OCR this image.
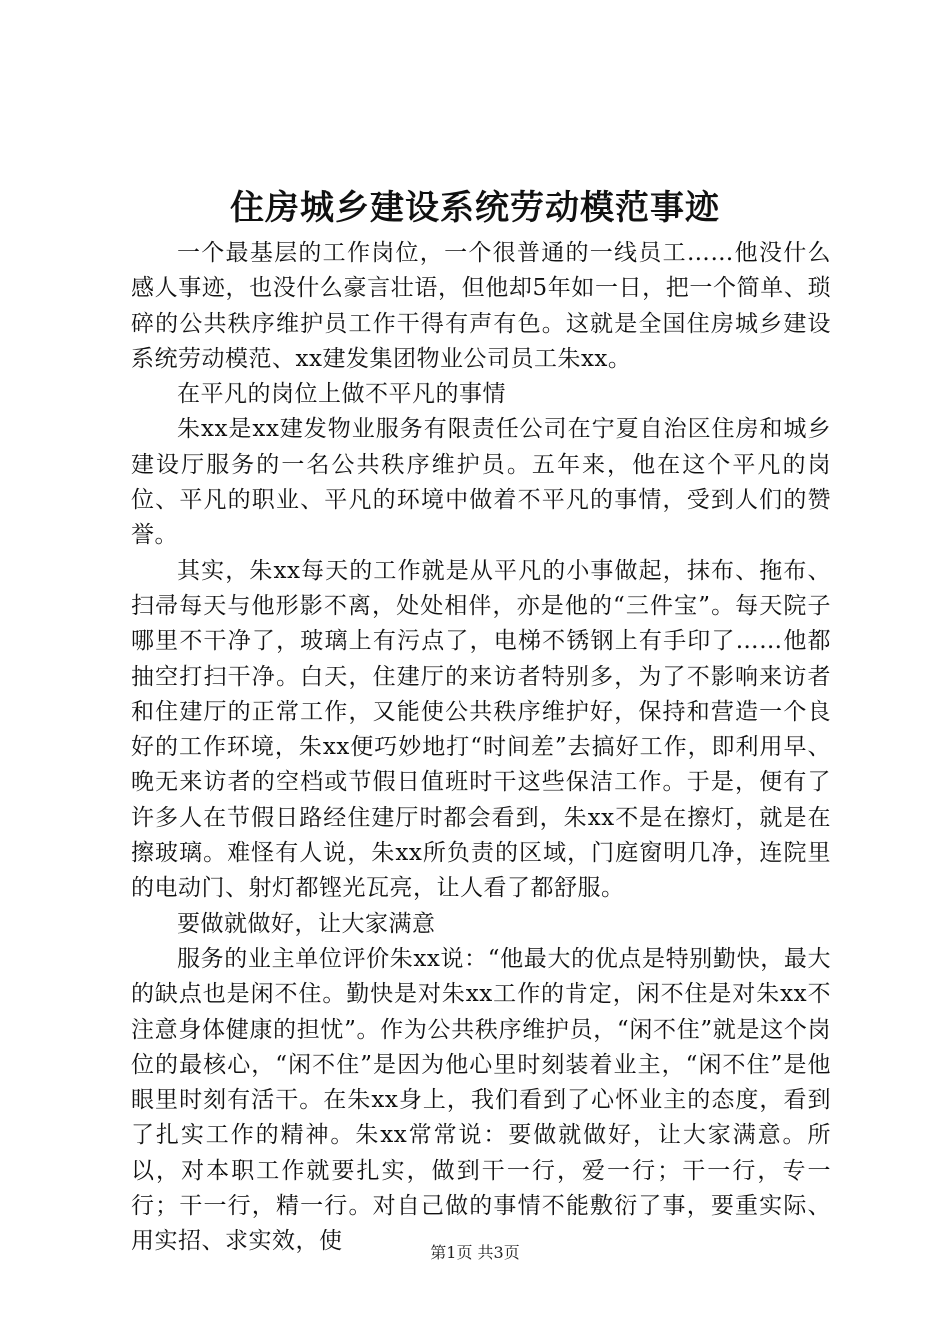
住房城乡建设系统劳动模范事迹

一个最基层的工作岗位，一个很普通的一线员工……他没什么感人事迹，也没什么豪言壮语，但他却5年如一日，把一个简单、琐碎的公共秩序维护员工作干得有声有色。这就是全国住房城乡建设系统劳动模范、xx建发集团物业公司员工朱xx。

在平凡的岗位上做不平凡的事情

朱xx是xx建发物业服务有限责任公司在宁夏自治区住房和城乡建设厅服务的一名公共秩序维护员。五年来，他在这个平凡的岗位、平凡的职业、平凡的环境中做着不平凡的事情，受到人们的赞誉。

其实，朱xx每天的工作就是从平凡的小事做起，抹布、拖布、扫帚每天与他形影不离，处处相伴，亦是他的“三件宝”。每天院子哪里不干净了，玻璃上有污点了，电梯不锈钢上有手印了……他都抽空打扫干净。白天，住建厅的来访者特别多，为了不影响来访者和住建厅的正常工作，又能使公共秩序维护好，保持和营造一个良好的工作环境，朱xx便巧妙地打“时间差”去搞好工作，即利用早、晚无来访者的空档或节假日值班时干这些保洁工作。于是，便有了许多人在节假日路经住建厅时都会看到，朱xx不是在擦灯，就是在擦玻璃。难怪有人说，朱xx所负责的区域，门庭窗明几净，连院里的电动门、射灯都铿光瓦亮，让人看了都舒服。

要做就做好，让大家满意

服务的业主单位评价朱xx说：“他最大的优点是特别勤快，最大的缺点也是闲不住。勤快是对朱xx工作的肯定，闲不住是对朱xx不注意身体健康的担忧”。作为公共秩序维护员，“闲不住”就是这个岗位的最核心，“闲不住”是因为他心里时刻装着业主，“闲不住”是他眼里时刻有活干。在朱xx身上，我们看到了心怀业主的态度，看到了扎实工作的精神。朱xx常常说：要做就做好，让大家满意。所以，对本职工作就要扎实，做到干一行，爱一行；干一行，专一行；干一行，精一行。对自己做的事情不能敷衍了事，要重实际、用实招、求实效，使	第1页 共3页
